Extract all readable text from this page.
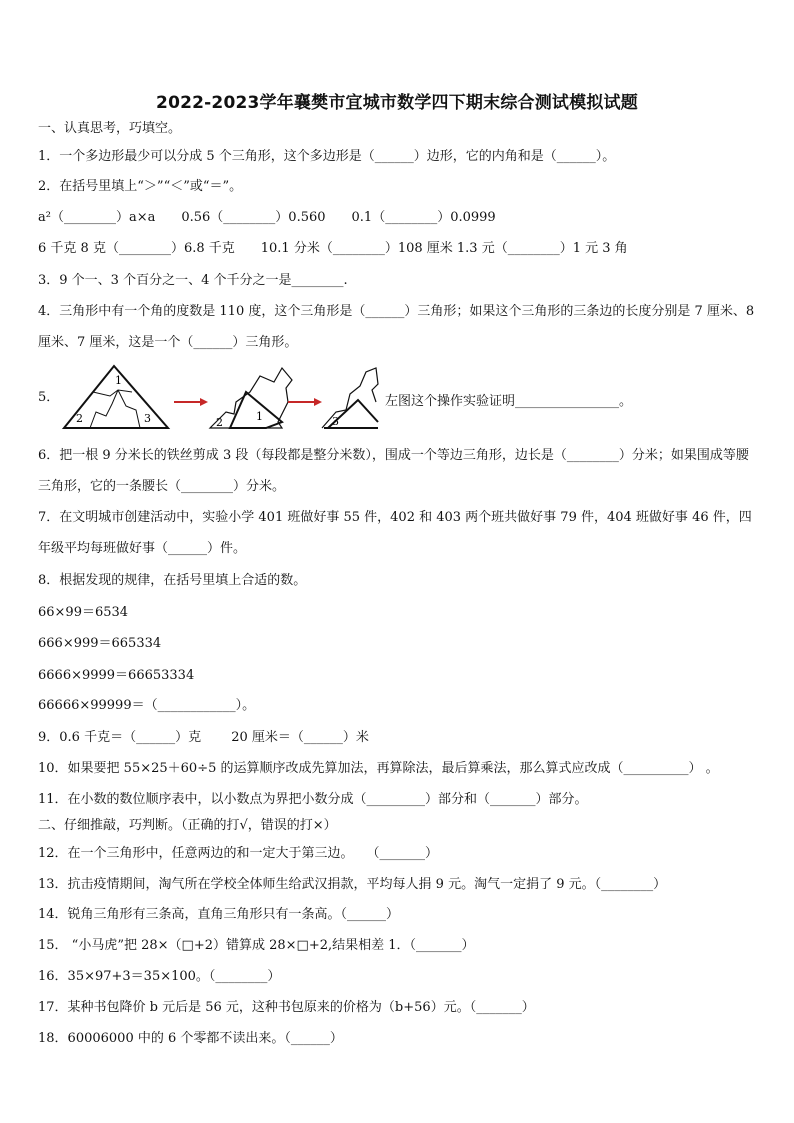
2022-2023学年襄樊市宜城市数学四下期末综合测试模拟试题
一、认真思考，巧填空。
1．一个多边形最少可以分成 5 个三角形，这个多边形是（______）边形，它的内角和是（______）。
2．在括号里填上“＞”“＜”或“＝”。
a²（________）a×a　　0.56（________）0.560　　0.1（________）0.0999
6 千克 8 克（________）6.8 千克　　10.1 分米（________）108 厘米 1.3 元（________）1 元 3 角
3．9 个一、3 个百分之一、4 个千分之一是________.
4．三角形中有一个角的度数是 110 度，这个三角形是（______）三角形；如果这个三角形的三条边的长度分别是 7 厘米、8 厘米、7 厘米，这是一个（______）三角形。
5．
1
2	3	2	1	3
左图这个操作实验证明________________。
6．把一根 9 分米长的铁丝剪成 3 段（每段都是整分米数），围成一个等边三角形，边长是（________）分米；如果围成等腰三角形，它的一条腰长（________）分米。
7．在文明城市创建活动中，实验小学 401 班做好事 55 件，402 和 403 两个班共做好事 79 件，404 班做好事 46 件，四年级平均每班做好事（______）件。
8．根据发现的规律，在括号里填上合适的数。
66×99＝6534
666×999＝665334
6666×9999＝66653334
66666×99999＝（____________）。
9．0.6 千克＝（______）克　　 20 厘米＝（______）米
10．如果要把 55×25＋60÷5 的运算顺序改成先算加法，再算除法，最后算乘法，那么算式应改成（__________） 。
11．在小数的数位顺序表中，以小数点为界把小数分成（_________）部分和（_______）部分。
二、仔细推敲，巧判断。（正确的打√，错误的打×）
12．在一个三角形中，任意两边的和一定大于第三边。　　（_______）
13．抗击疫情期间，淘气所在学校全体师生给武汉捐款，平均每人捐 9 元。淘气一定捐了 9 元。（________）
14．锐角三角形有三条高，直角三角形只有一条高。（______）
15． “小马虎”把 28×（□+2）错算成 28×□+2,结果相差 1．（_______）
16．35×97+3＝35×100。（________）
17．某种书包降价 b 元后是 56 元，这种书包原来的价格为（b+56）元。（_______）
18．60006000 中的 6 个零都不读出来。（______）
